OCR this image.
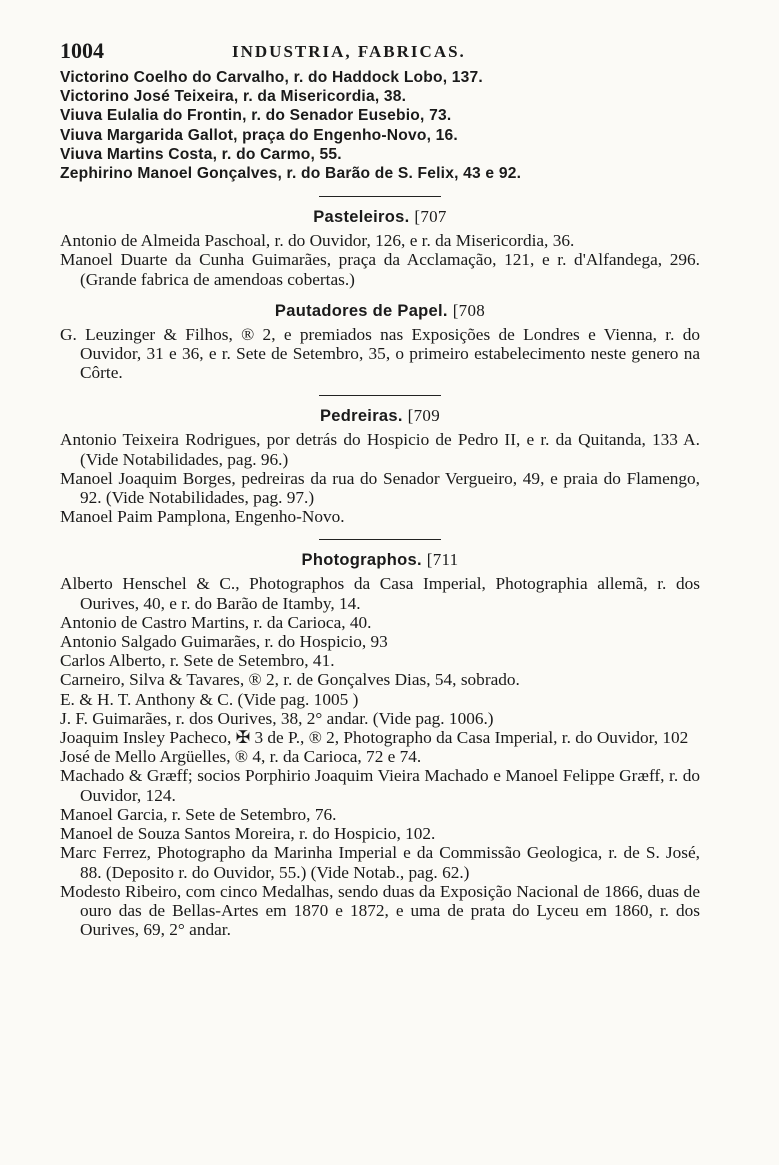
1004	INDUSTRIA, FABRICAS.

Victorino Coelho do Carvalho, r. do Haddock Lobo, 137.

Victorino José Teixeira, r. da Misericordia, 38.

Viuva Eulalia do Frontin, r. do Senador Eusebio, 73.

Viuva Margarida Gallot, praça do Engenho-Novo, 16.

Viuva Martins Costa, r. do Carmo, 55.

Zephirino Manoel Gonçalves, r. do Barão de S. Felix, 43 e 92.

Pasteleiros. [707

Antonio de Almeida Paschoal, r. do Ouvidor, 126, e r. da Misericordia, 36.

Manoel Duarte da Cunha Guimarães, praça da Acclamação, 121, e r. d'Alfandega, 296. (Grande fabrica de amendoas cobertas.)

Pautadores de Papel. [708

G. Leuzinger & Filhos, ® 2, e premiados nas Exposições de Londres e Vienna, r. do Ouvidor, 31 e 36, e r. Sete de Setembro, 35, o primeiro estabelecimento neste genero na Côrte.

Pedreiras. [709

Antonio Teixeira Rodrigues, por detrás do Hospicio de Pedro II, e r. da Quitanda, 133 A. (Vide Notabilidades, pag. 96.)

Manoel Joaquim Borges, pedreiras da rua do Senador Vergueiro, 49, e praia do Flamengo, 92. (Vide Notabilidades, pag. 97.)

Manoel Paim Pamplona, Engenho-Novo.

Photographos. [711

Alberto Henschel & C., Photographos da Casa Imperial, Photographia allemã, r. dos Ourives, 40, e r. do Barão de Itamby, 14.

Antonio de Castro Martins, r. da Carioca, 40.

Antonio Salgado Guimarães, r. do Hospicio, 93

Carlos Alberto, r. Sete de Setembro, 41.

Carneiro, Silva & Tavares, ® 2, r. de Gonçalves Dias, 54, sobrado.

E. & H. T. Anthony & C. (Vide pag. 1005 )

J. F. Guimarães, r. dos Ourives, 38, 2° andar. (Vide pag. 1006.)

Joaquim Insley Pacheco, ✠ 3 de P., ® 2, Photographo da Casa Imperial, r. do Ouvidor, 102

José de Mello Argüelles, ® 4, r. da Carioca, 72 e 74.

Machado & Græff; socios Porphirio Joaquim Vieira Machado e Manoel Felippe Græff, r. do Ouvidor, 124.

Manoel Garcia, r. Sete de Setembro, 76.

Manoel de Souza Santos Moreira, r. do Hospicio, 102.

Marc Ferrez, Photographo da Marinha Imperial e da Commissão Geologica, r. de S. José, 88. (Deposito r. do Ouvidor, 55.) (Vide Notab., pag. 62.)

Modesto Ribeiro, com cinco Medalhas, sendo duas da Exposição Nacional de 1866, duas de ouro das de Bellas-Artes em 1870 e 1872, e uma de prata do Lyceu em 1860, r. dos Ourives, 69, 2° andar.
